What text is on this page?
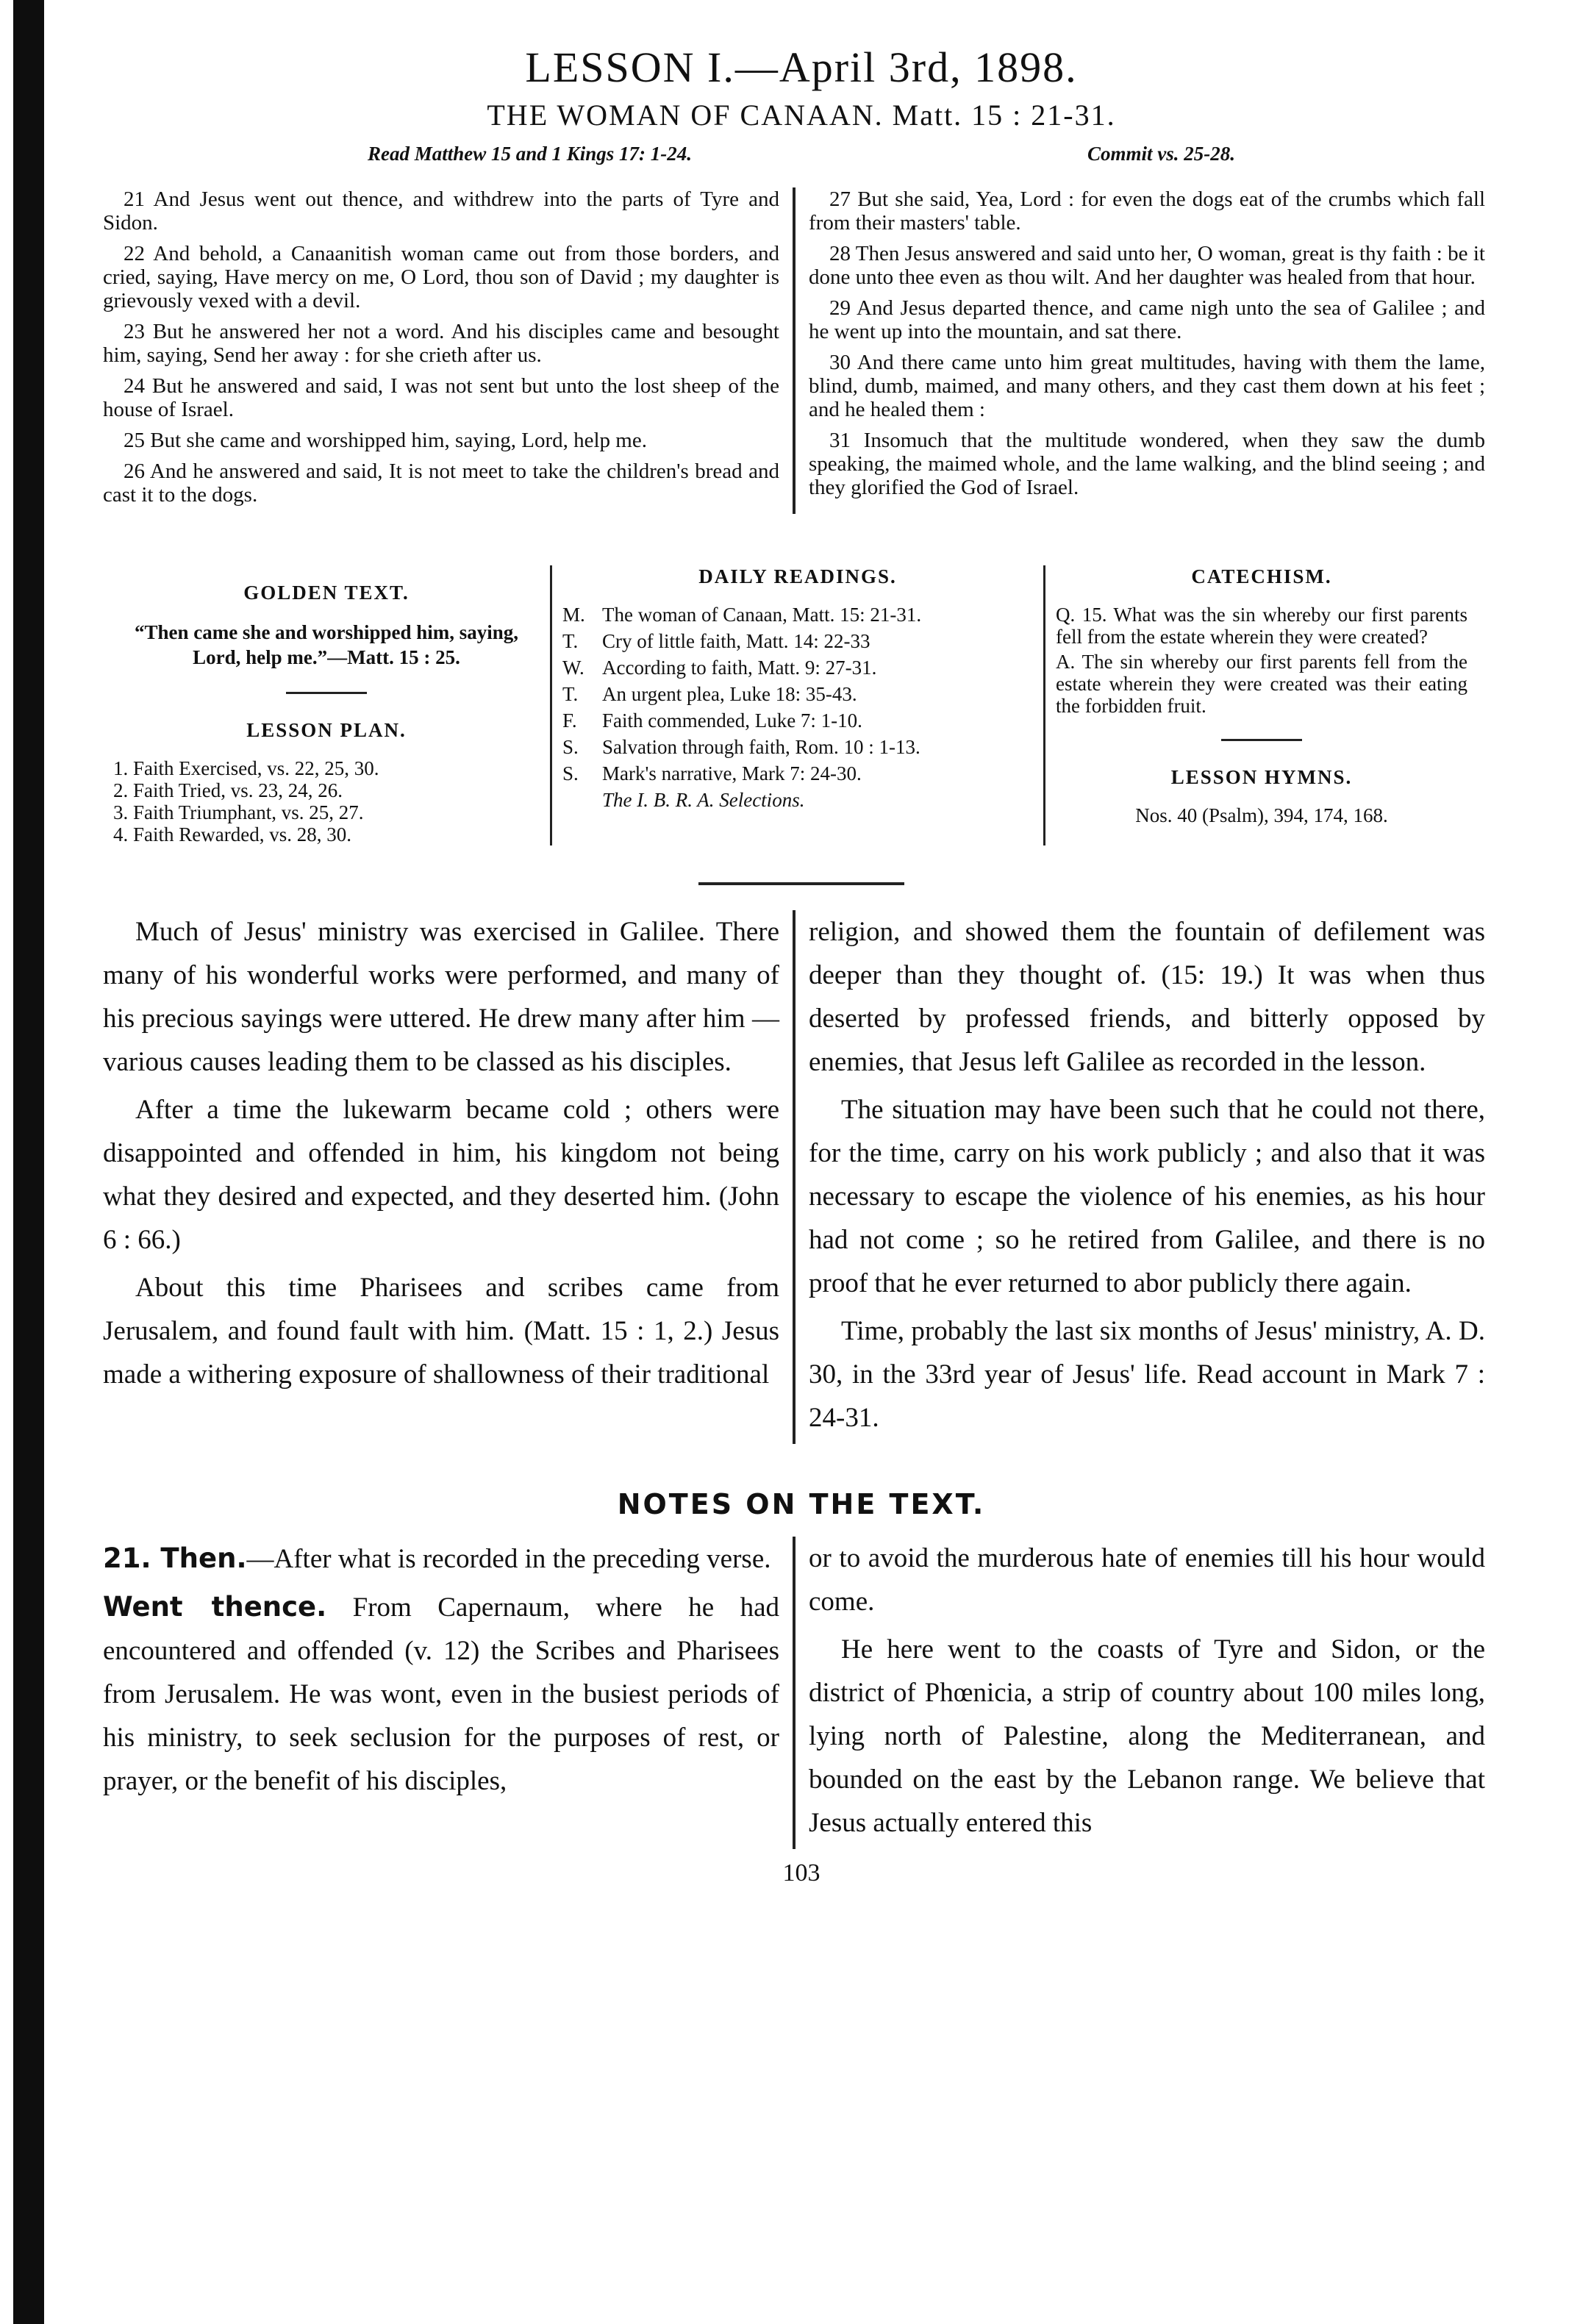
LESSON I.—April 3rd, 1898.
THE WOMAN OF CANAAN. Matt. 15 : 21-31.
Read Matthew 15 and 1 Kings 17: 1-24.	Commit vs. 25-28.

21 And Jesus went out thence, and withdrew into the parts of Tyre and Sidon.

22 And behold, a Canaanitish woman came out from those borders, and cried, saying, Have mercy on me, O Lord, thou son of David ; my daughter is grievously vexed with a devil.

23 But he answered her not a word. And his disciples came and besought him, saying, Send her away : for she crieth after us.

24 But he answered and said, I was not sent but unto the lost sheep of the house of Israel.

25 But she came and worshipped him, saying, Lord, help me.

26 And he answered and said, It is not meet to take the children's bread and cast it to the dogs.

27 But she said, Yea, Lord : for even the dogs eat of the crumbs which fall from their masters' table.

28 Then Jesus answered and said unto her, O woman, great is thy faith : be it done unto thee even as thou wilt. And her daughter was healed from that hour.

29 And Jesus departed thence, and came nigh unto the sea of Galilee ; and he went up into the mountain, and sat there.

30 And there came unto him great multitudes, having with them the lame, blind, dumb, maimed, and many others, and they cast them down at his feet ; and he healed them :

31 Insomuch that the multitude wondered, when they saw the dumb speaking, the maimed whole, and the lame walking, and the blind seeing ; and they glorified the God of Israel.

GOLDEN TEXT.

“Then came she and worshipped him, saying, Lord, help me.”—Matt. 15 : 25.

LESSON PLAN.
1. Faith Exercised, vs. 22, 25, 30.
2. Faith Tried, vs. 23, 24, 26.
3. Faith Triumphant, vs. 25, 27.
4. Faith Rewarded, vs. 28, 30.
DAILY READINGS.
M. The woman of Canaan, Matt. 15: 21-31.
T.	Cry of little faith, Matt. 14: 22-33
W. According to faith, Matt. 9: 27-31.
T.	An urgent plea, Luke 18: 35-43.
F.	Faith commended, Luke 7: 1-10.
S.	Salvation through faith, Rom. 10 : 1-13.
S.	Mark's narrative, Mark 7: 24-30.
The I. B. R. A. Selections.
CATECHISM.

Q. 15. What was the sin whereby our first parents fell from the estate wherein they were created?

A. The sin whereby our first parents fell from the estate wherein they were created was their eating the forbidden fruit.

LESSON HYMNS.
Nos. 40 (Psalm), 394, 174, 168.

Much of Jesus' ministry was exercised in Galilee. There many of his wonderful works were performed, and many of his precious sayings were uttered. He drew many after him —various causes leading them to be classed as his disciples.

After a time the lukewarm became cold ; others were disappointed and offended in him, his kingdom not being what they desired and expected, and they deserted him. (John 6 : 66.)

About this time Pharisees and scribes came from Jerusalem, and found fault with him. (Matt. 15 : 1, 2.) Jesus made a withering exposure of shallowness of their traditional

religion, and showed them the fountain of defilement was deeper than they thought of. (15: 19.) It was when thus deserted by professed friends, and bitterly opposed by enemies, that Jesus left Galilee as recorded in the lesson.

The situation may have been such that he could not there, for the time, carry on his work publicly ; and also that it was necessary to escape the violence of his enemies, as his hour had not come ; so he retired from Galilee, and there is no proof that he ever returned to abor publicly there again.

Time, probably the last six months of Jesus' ministry, A. D. 30, in the 33rd year of Jesus' life. Read account in Mark 7 : 24-31.

NOTES ON THE TEXT.

21. Then.—After what is recorded in the preceding verse.

Went thence. From Capernaum, where he had encountered and offended (v. 12) the Scribes and Pharisees from Jerusalem. He was wont, even in the busiest periods of his ministry, to seek seclusion for the purposes of rest, or prayer, or the benefit of his disciples,

or to avoid the murderous hate of enemies till his hour would come.

He here went to the coasts of Tyre and Sidon, or the district of Phœnicia, a strip of country about 100 miles long, lying north of Palestine, along the Mediterranean, and bounded on the east by the Lebanon range. We believe that Jesus actually entered this

103
